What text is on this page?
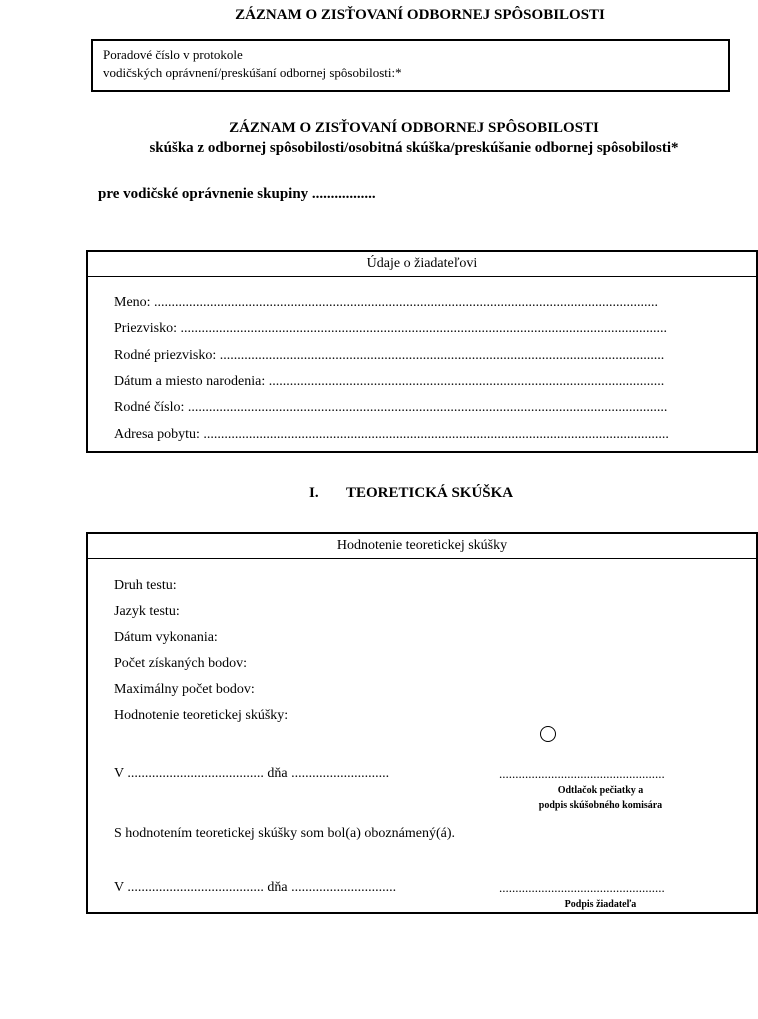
ZÁZNAM O ZISŤOVANÍ ODBORNEJ SPÔSOBILOSTI
Poradové číslo v protokole
vodičských oprávnení/preskúšaní odbornej spôsobilosti:*
ZÁZNAM O ZISŤOVANÍ ODBORNEJ SPÔSOBILOSTI
skúška z odbornej spôsobilosti/osobitná skúška/preskúšanie odbornej spôsobilosti*
pre vodičské oprávnenie skupiny .................
Údaje o žiadateľovi
Meno: ................................................................................................................................................
Priezvisko: ...........................................................................................................................................
Rodné priezvisko: ...............................................................................................................................
Dátum a miesto narodenia: .................................................................................................................
Rodné číslo: .........................................................................................................................................
Adresa pobytu: .....................................................................................................................................
I. TEORETICKÁ SKÚŠKA
Hodnotenie teoretickej skúšky
Druh testu:
Jazyk testu:
Dátum vykonania:
Počet získaných bodov:
Maximálny počet bodov:
Hodnotenie teoretickej skúšky:
V ....................................... dňa ............................	...................................................
Odtlačok pečiatky a
podpis skúšobného komisára
S hodnotením teoretickej skúšky som bol(a) oboznámený(á).
V ....................................... dňa ..............................	...................................................
Podpis žiadateľa
